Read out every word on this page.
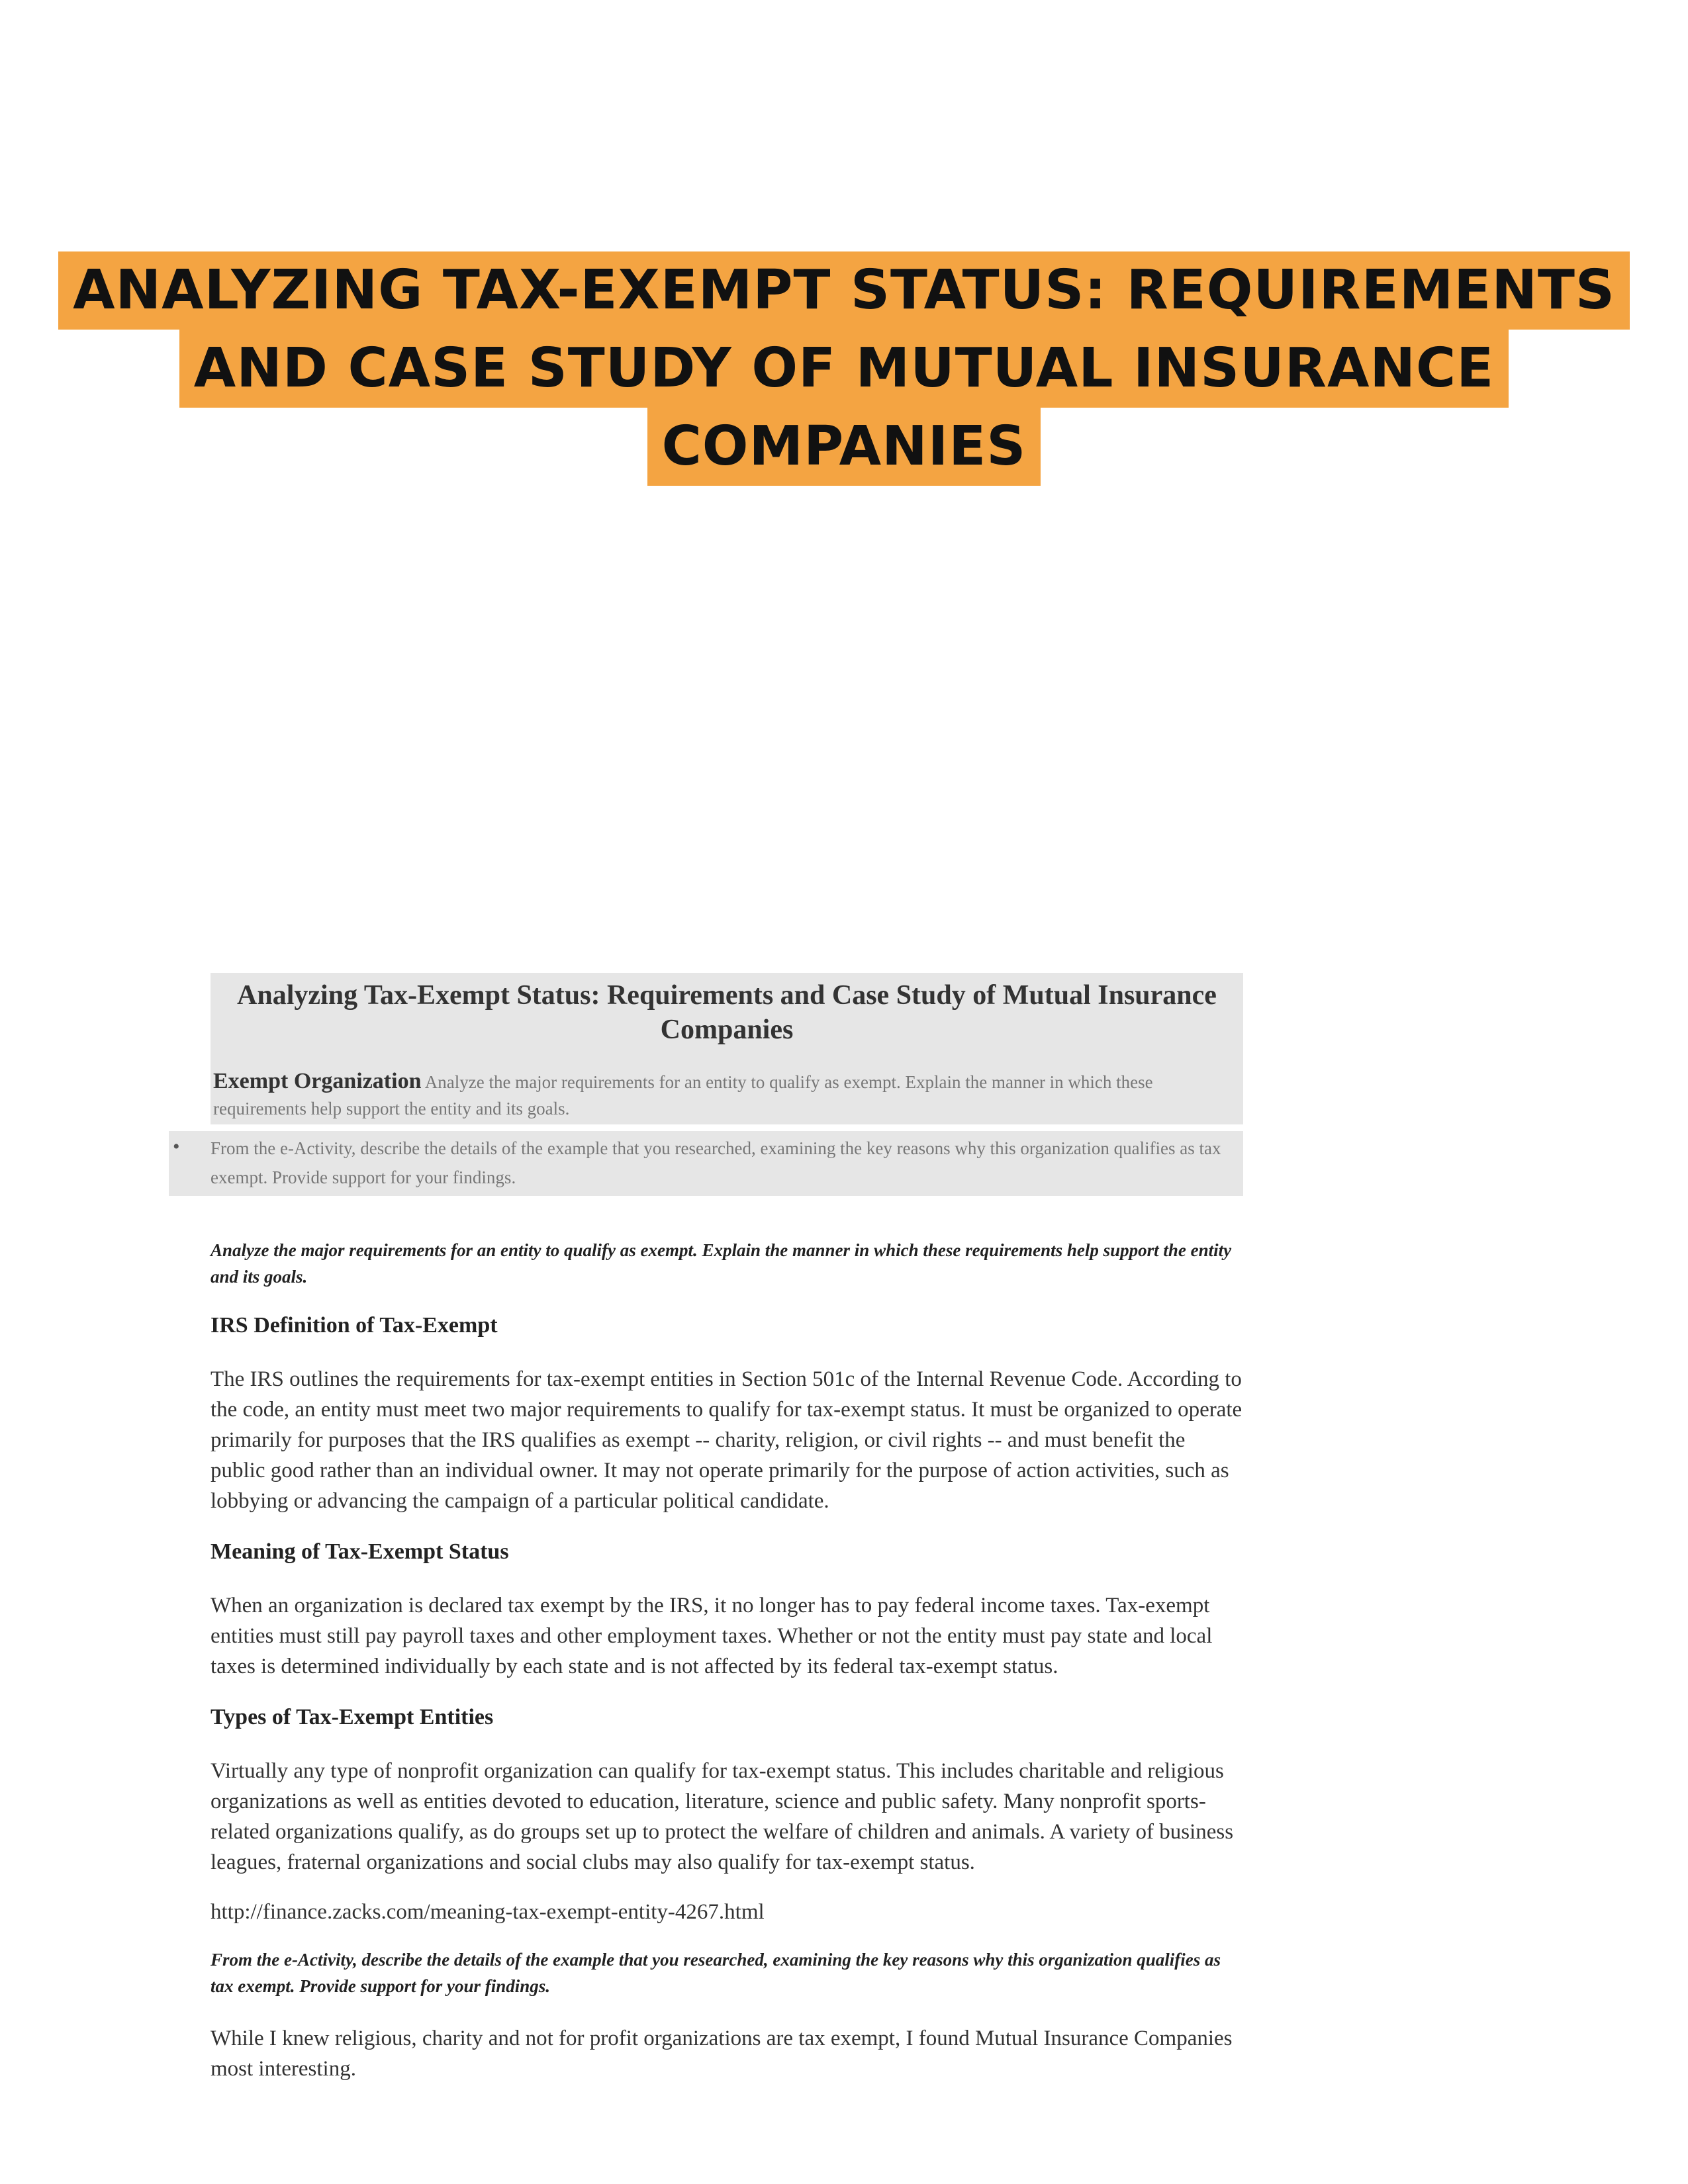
ANALYZING TAX-EXEMPT STATUS: REQUIREMENTS
AND CASE STUDY OF MUTUAL INSURANCE
COMPANIES
Analyzing Tax-Exempt Status: Requirements and Case Study of Mutual Insurance Companies
Exempt Organization Analyze the major requirements for an entity to qualify as exempt. Explain the manner in which these requirements help support the entity and its goals.
• From the e-Activity, describe the details of the example that you researched, examining the key reasons why this organization qualifies as tax exempt. Provide support for your findings.
Analyze the major requirements for an entity to qualify as exempt. Explain the manner in which these requirements help support the entity and its goals.
IRS Definition of Tax-Exempt
The IRS outlines the requirements for tax-exempt entities in Section 501c of the Internal Revenue Code. According to the code, an entity must meet two major requirements to qualify for tax-exempt status. It must be organized to operate primarily for purposes that the IRS qualifies as exempt -- charity, religion, or civil rights -- and must benefit the public good rather than an individual owner. It may not operate primarily for the purpose of action activities, such as lobbying or advancing the campaign of a particular political candidate.
Meaning of Tax-Exempt Status
When an organization is declared tax exempt by the IRS, it no longer has to pay federal income taxes. Tax-exempt entities must still pay payroll taxes and other employment taxes. Whether or not the entity must pay state and local taxes is determined individually by each state and is not affected by its federal tax-exempt status.
Types of Tax-Exempt Entities
Virtually any type of nonprofit organization can qualify for tax-exempt status. This includes charitable and religious organizations as well as entities devoted to education, literature, science and public safety. Many nonprofit sports-related organizations qualify, as do groups set up to protect the welfare of children and animals. A variety of business leagues, fraternal organizations and social clubs may also qualify for tax-exempt status.
http://finance.zacks.com/meaning-tax-exempt-entity-4267.html
From the e-Activity, describe the details of the example that you researched, examining the key reasons why this organization qualifies as tax exempt. Provide support for your findings.
While I knew religious, charity and not for profit organizations are tax exempt, I found Mutual Insurance Companies most interesting.
